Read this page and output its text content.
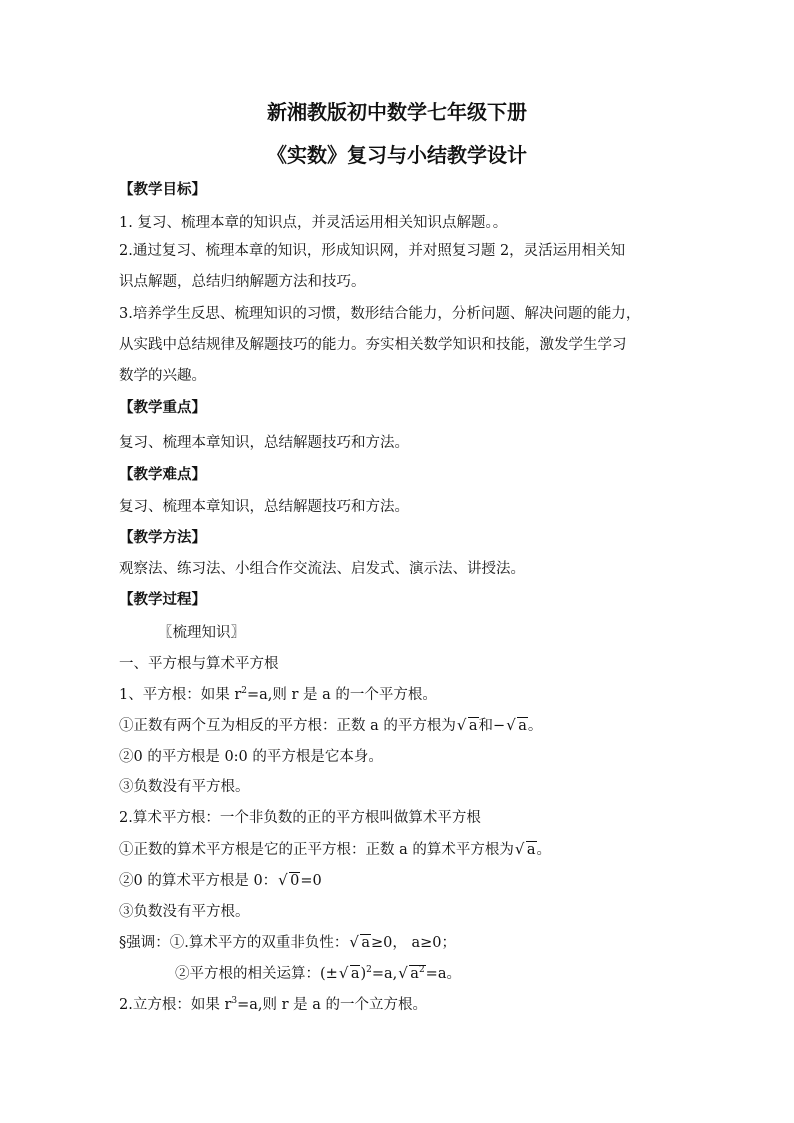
新湘教版初中数学七年级下册
《实数》复习与小结教学设计
【教学目标】
1. 复习、梳理本章的知识点，并灵活运用相关知识点解题。。
2.通过复习、梳理本章的知识，形成知识网，并对照复习题 2，灵活运用相关知
识点解题，总结归纳解题方法和技巧。
3.培养学生反思、梳理知识的习惯，数形结合能力，分析问题、解决问题的能力，
从实践中总结规律及解题技巧的能力。夯实相关数学知识和技能，激发学生学习
数学的兴趣。
【教学重点】
复习、梳理本章知识，总结解题技巧和方法。
【教学难点】
复习、梳理本章知识，总结解题技巧和方法。
【教学方法】
观察法、练习法、小组合作交流法、启发式、演示法、讲授法。
【教学过程】
〖梳理知识〗
一、平方根与算术平方根
1、平方根：如果 $r^2=a$,则 r 是 a 的一个平方根。
①正数有两个互为相反的平方根：正数 a 的平方根为 √ a和− √ a。
②0 的平方根是 0:0 的平方根是它本身。
③负数没有平方根。
2.算术平方根：一个非负数的正的平方根叫做算术平方根
①正数的算术平方根是它的正平方根：正数 a 的算术平方根为 √ a。
②0 的算术平方根是 0： √ 0=0
③负数没有平方根。
§强调：①.算术平方的双重非负性： √ a≥0， a≥0；
②平方根的相关运算：(± √ a)$^2$=a, √ $a^2=a$。
2.立方根：如果 $r^3=a$,则 r 是 a 的一个立方根。
